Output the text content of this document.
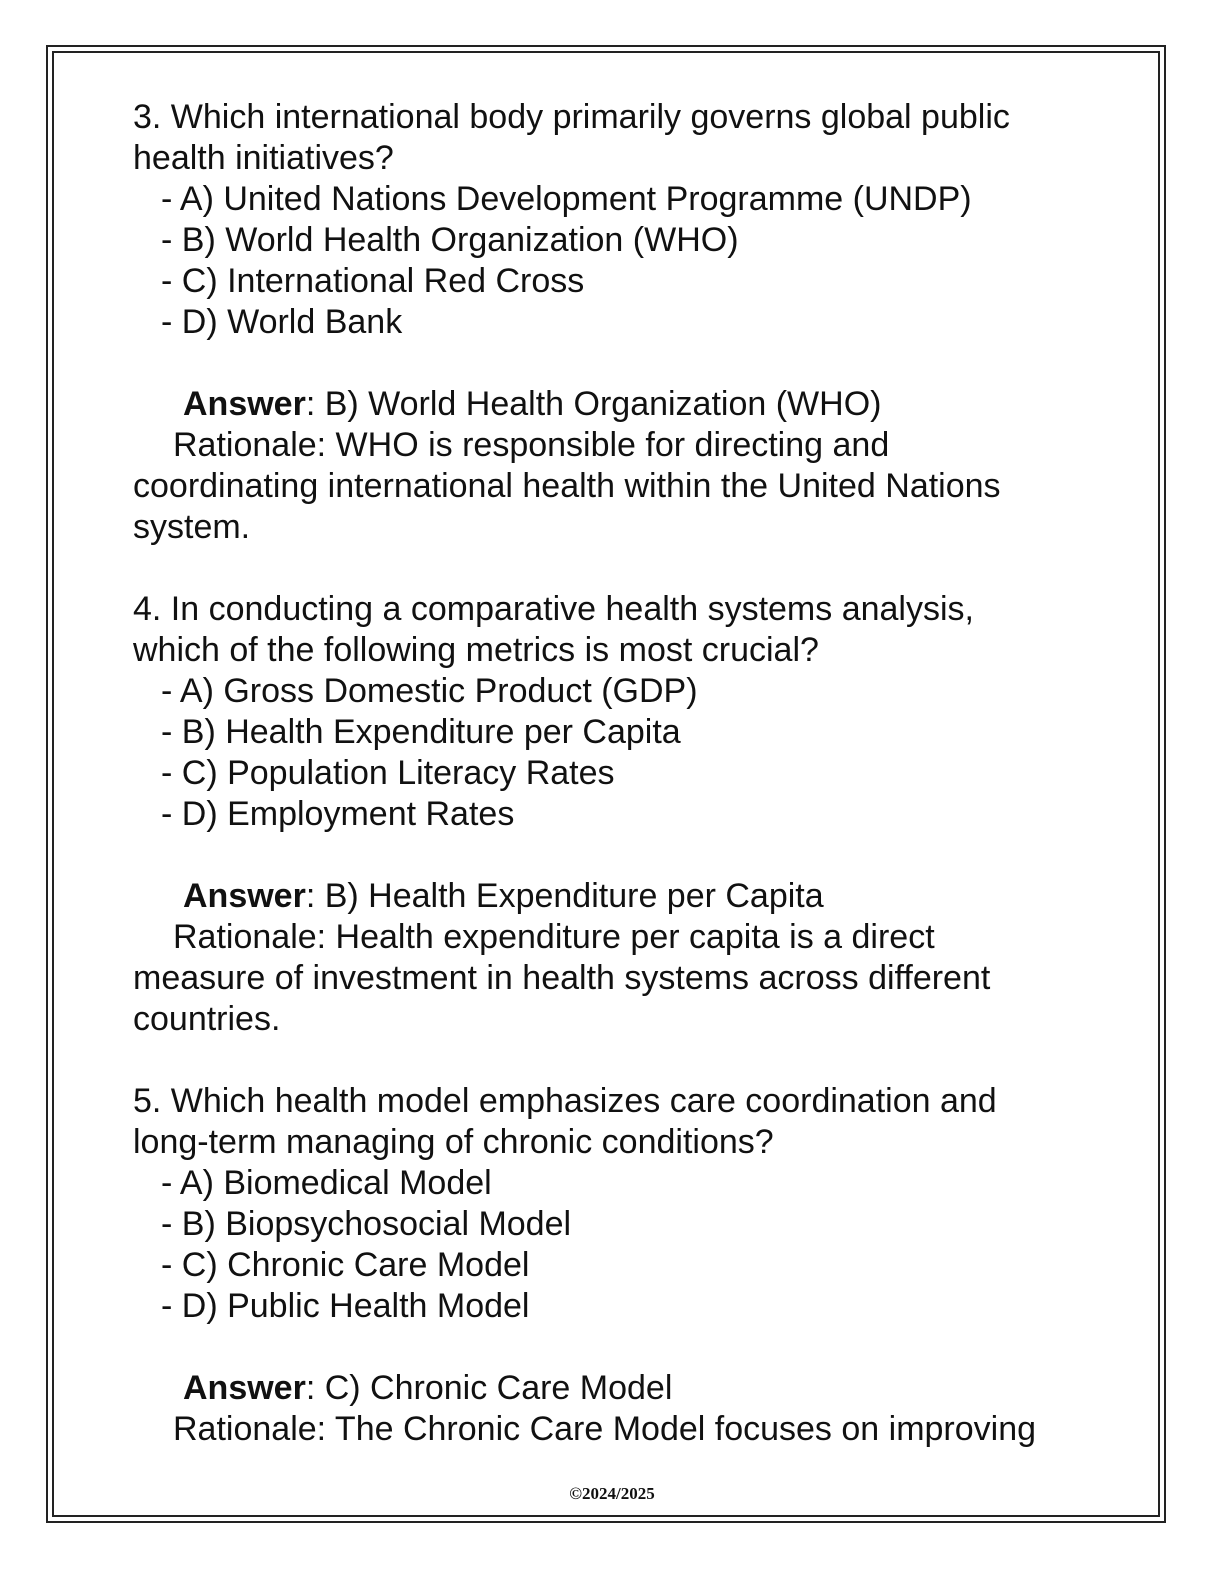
3. Which international body primarily governs global public
health initiatives?
- A) United Nations Development Programme (UNDP)
- B) World Health Organization (WHO)
- C) International Red Cross
- D) World Bank
Answer: B) World Health Organization (WHO)
Rationale: WHO is responsible for directing and
coordinating international health within the United Nations
system.
4. In conducting a comparative health systems analysis,
which of the following metrics is most crucial?
- A) Gross Domestic Product (GDP)
- B) Health Expenditure per Capita
- C) Population Literacy Rates
- D) Employment Rates
Answer: B) Health Expenditure per Capita
Rationale: Health expenditure per capita is a direct
measure of investment in health systems across different
countries.
5. Which health model emphasizes care coordination and
long-term managing of chronic conditions?
- A) Biomedical Model
- B) Biopsychosocial Model
- C) Chronic Care Model
- D) Public Health Model
Answer: C) Chronic Care Model
Rationale: The Chronic Care Model focuses on improving
©2024/2025
